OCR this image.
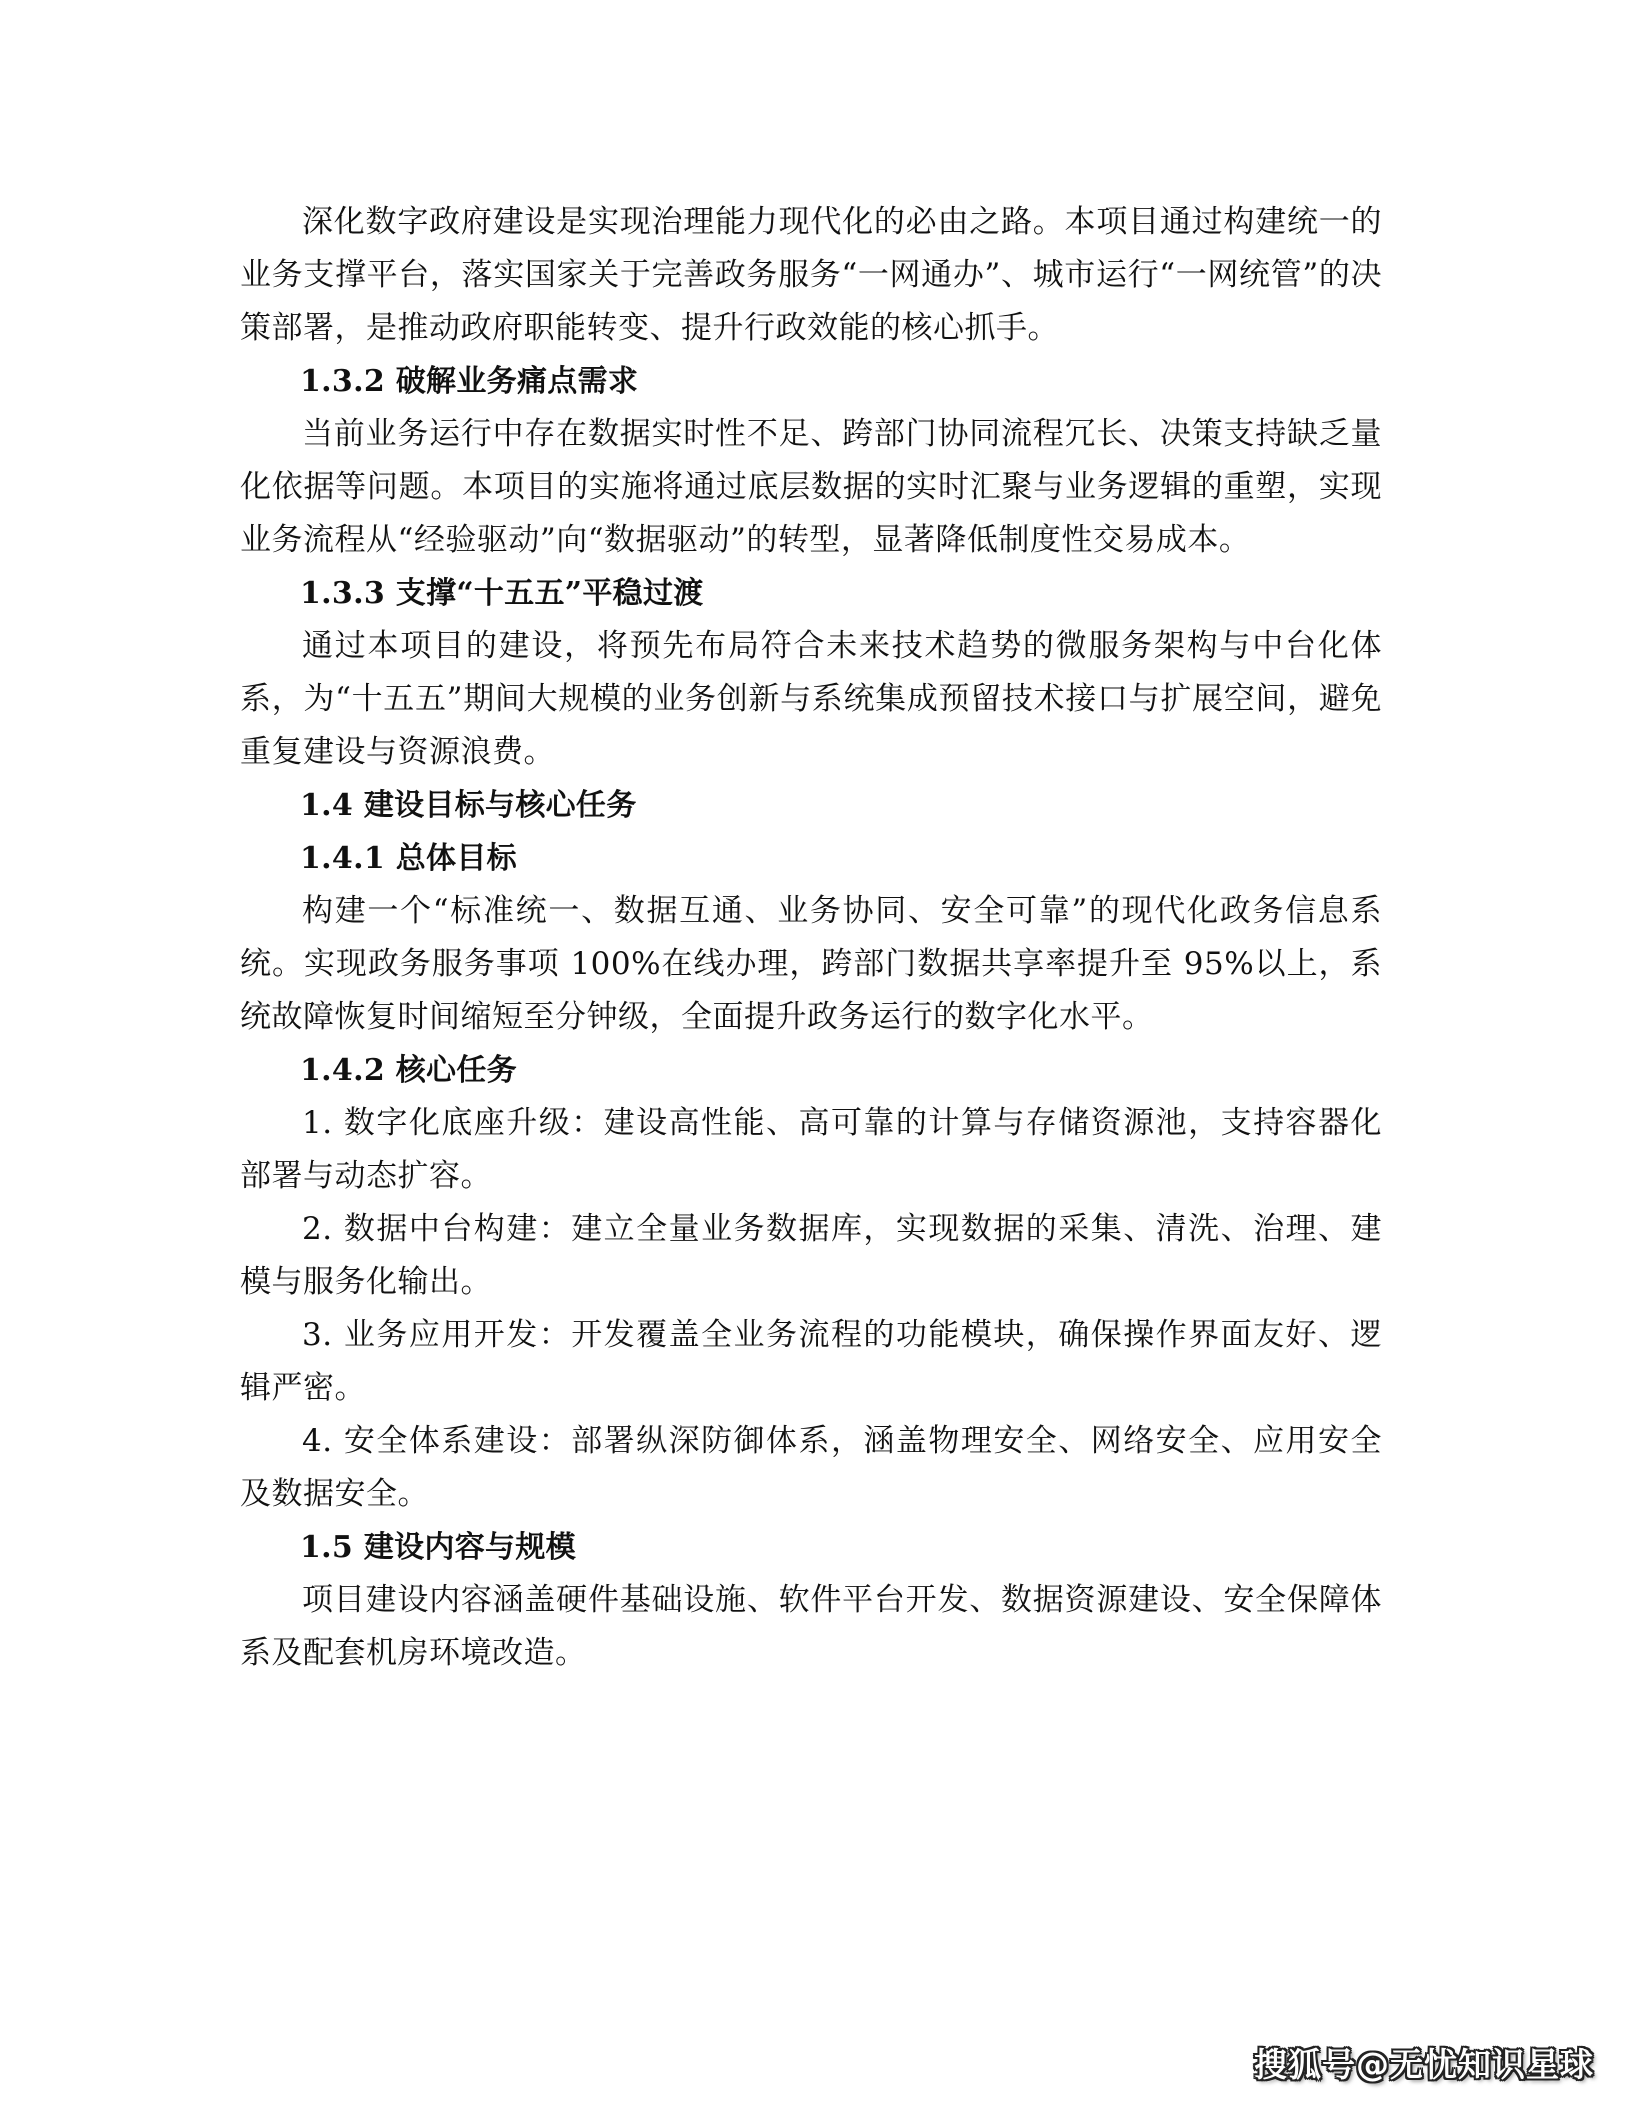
深化数字政府建设是实现治理能力现代化的必由之路。本项目通过构建统一的业务支撑平台，落实国家关于完善政务服务“一网通办”、城市运行“一网统管”的决策部署，是推动政府职能转变、提升行政效能的核心抓手。

1.3.2 破解业务痛点需求

当前业务运行中存在数据实时性不足、跨部门协同流程冗长、决策支持缺乏量化依据等问题。本项目的实施将通过底层数据的实时汇聚与业务逻辑的重塑，实现业务流程从“经验驱动”向“数据驱动”的转型，显著降低制度性交易成本。

1.3.3 支撑“十五五”平稳过渡

通过本项目的建设，将预先布局符合未来技术趋势的微服务架构与中台化体系，为“十五五”期间大规模的业务创新与系统集成预留技术接口与扩展空间，避免重复建设与资源浪费。

1.4 建设目标与核心任务

1.4.1 总体目标

构建一个“标准统一、数据互通、业务协同、安全可靠”的现代化政务信息系统。实现政务服务事项 100%在线办理，跨部门数据共享率提升至 95%以上，系统故障恢复时间缩短至分钟级，全面提升政务运行的数字化水平。

1.4.2 核心任务

1. 数字化底座升级：建设高性能、高可靠的计算与存储资源池，支持容器化部署与动态扩容。

2. 数据中台构建：建立全量业务数据库，实现数据的采集、清洗、治理、建模与服务化输出。

3. 业务应用开发：开发覆盖全业务流程的功能模块，确保操作界面友好、逻辑严密。

4. 安全体系建设：部署纵深防御体系，涵盖物理安全、网络安全、应用安全及数据安全。

1.5 建设内容与规模

项目建设内容涵盖硬件基础设施、软件平台开发、数据资源建设、安全保障体系及配套机房环境改造。

搜狐号@无忧知识星球
